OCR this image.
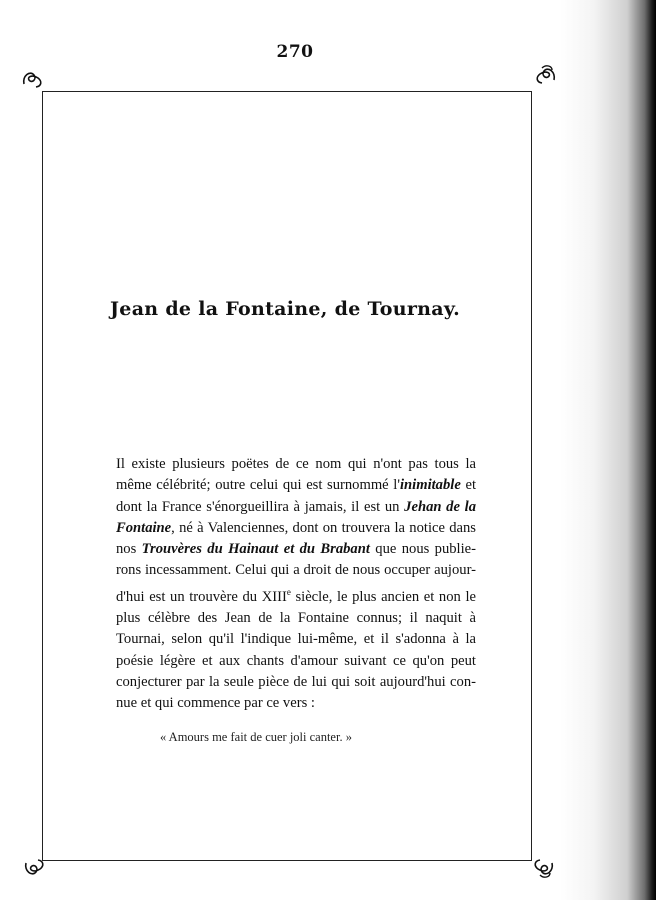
270
Jean de la Fontaine, de Tournay.
Il existe plusieurs poëtes de ce nom qui n'ont pas tous la
même célébrité; outre celui qui est surnommé l'inimitable et
dont la France s'énorgueillira à jamais, il est un Jehan de la
Fontaine, né à Valenciennes, dont on trouvera la notice dans
nos Trouvères du Hainaut et du Brabant que nous publie-
rons incessamment. Celui qui a droit de nous occuper aujour-
d'hui est un trouvère du XIIIe siècle, le plus ancien et non le
plus célèbre des Jean de la Fontaine connus; il naquit à
Tournai, selon qu'il l'indique lui-même, et il s'adonna à la
poésie légère et aux chants d'amour suivant ce qu'on peut
conjecturer par la seule pièce de lui qui soit aujourd'hui con-
nue et qui commence par ce vers :
« Amours me fait de cuer joli canter. »
